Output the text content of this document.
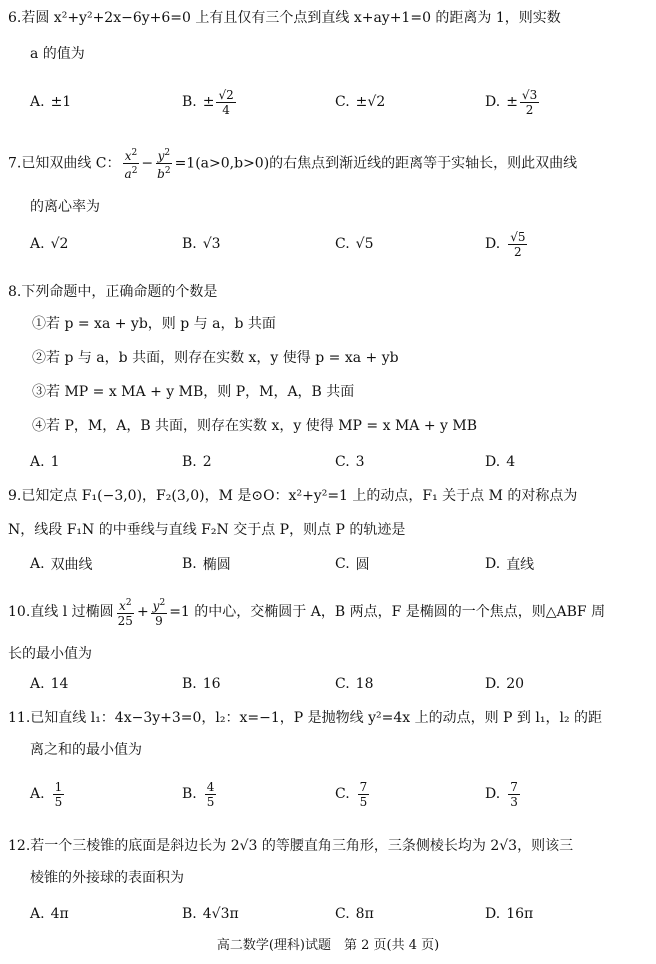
6.若圆 x²+y²+2x−6y+6=0 上有且仅有三个点到直线 x+ay+1=0 的距离为 1，则实数
a 的值为
A. ±1	B. ± $\frac{√2}{4}$	C. ±√2	D. ± $\frac{√3}{2}$
7.已知双曲线 C： $\frac{x^2}{a^2} - \frac{y^2}{b^2} =1(a>0,b>0)$的右焦点到渐近线的距离等于实轴长，则此双曲线
的离心率为
A. √2	B. √3	C. √5	D. $\frac{√5}{2}$
8.下列命题中，正确命题的个数是
①若 p = xa + yb，则 p 与 a，b 共面
②若 p 与 a，b 共面，则存在实数 x，y 使得 p = xa + yb
③若 MP = x MA + y MB，则 P，M，A，B 共面
④若 P，M，A，B 共面，则存在实数 x，y 使得 MP = x MA + y MB
A. 1	B. 2	C. 3	D. 4
9.已知定点 F₁(−3,0)，F₂(3,0)，M 是⊙O：x²+y²=1 上的动点，F₁ 关于点 M 的对称点为
N，线段 F₁N 的中垂线与直线 F₂N 交于点 P，则点 P 的轨迹是
A. 双曲线	B. 椭圆	C. 圆	D. 直线
10.直线 l 过椭圆 $\frac{x^2}{25} + \frac{y^2}{9} =1$ 的中心，交椭圆于 A，B 两点，F 是椭圆的一个焦点，则△ABF 周
长的最小值为
A. 14	B. 16	C. 18	D. 20
11.已知直线 l₁：4x−3y+3=0，l₂：x=−1，P 是抛物线 y²=4x 上的动点，则 P 到 l₁，l₂ 的距
离之和的最小值为
A. $\frac{1}{5}$	B. $\frac{4}{5}$	C. $\frac{7}{5}$	D. $\frac{7}{3}$
12.若一个三棱锥的底面是斜边长为 2√3 的等腰直角三角形，三条侧棱长均为 2√3，则该三
棱锥的外接球的表面积为
A. 4π	B. 4√3π	C. 8π	D. 16π
高二数学(理科)试题　第 2 页(共 4 页)
